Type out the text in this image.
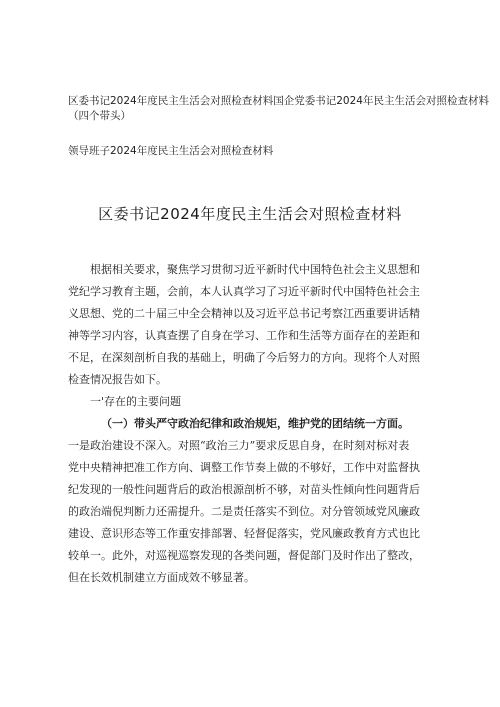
区委书记2024年度民主生活会对照检查材料国企党委书记2024年民主生活会对照检查材料
（四个带头）
领导班子2024年度民主生活会对照检查材料
区委书记2024年度民主生活会对照检查材料
根据相关要求，聚焦学习贯彻习近平新时代中国特色社会主义思想和
党纪学习教育主题，会前，本人认真学习了习近平新时代中国特色社会主
义思想、党的二十届三中全会精神以及习近平总书记考察江西重要讲话精
神等学习内容，认真查摆了自身在学习、工作和生活等方面存在的差距和
不足，在深刻剖析自我的基础上，明确了今后努力的方向。现将个人对照
检查情况报告如下。
一'存在的主要问题
（一）带头严守政治纪律和政治规矩，维护党的团结统一方面。
一是政治建设不深入。对照“政治三力”要求反思自身，在时刻对标对表
党中央精神把准工作方向、调整工作节奏上做的不够好，工作中对监督执
纪发现的一般性问题背后的政治根源剖析不够，对苗头性倾向性问题背后
的政治端倪判断力还需提升。二是责任落实不到位。对分管领域党风廉政
建设、意识形态等工作重安排部署、轻督促落实，党风廉政教育方式也比
较单一。此外，对巡视巡察发现的各类问题，督促部门及时作出了整改，
但在长效机制建立方面成效不够显著。
